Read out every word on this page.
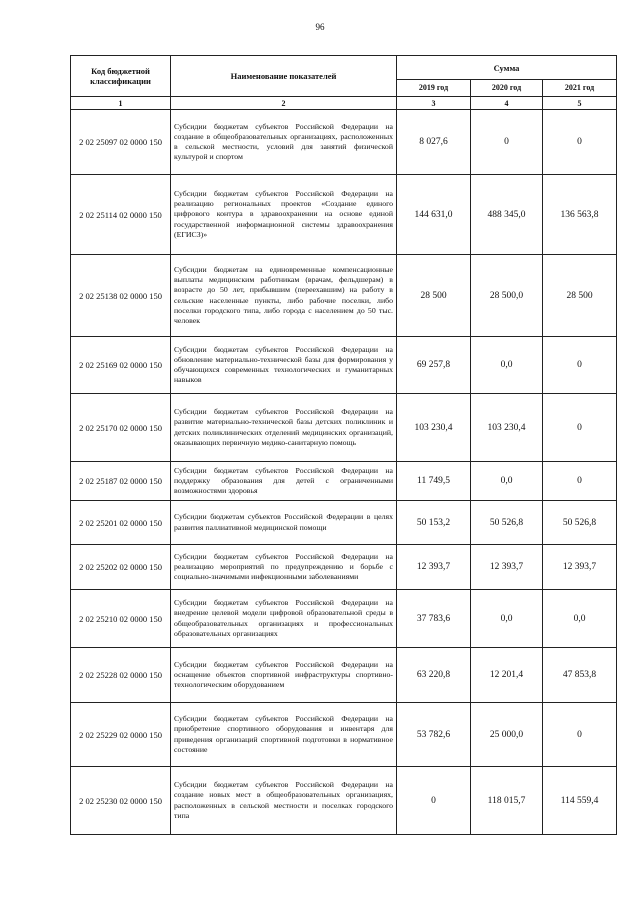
96
Код бюджетной классификации	Наименование показателей	Сумма		
		2019 год	2020 год	2021 год
1	2	3	4	5
2 02 25097 02 0000 150	Субсидии бюджетам субъектов Российской Федерации на создание в общеобразовательных организациях, расположенных в сельской местности, условий для занятий физической культурой и спортом	8 027,6	0	0
2 02 25114 02 0000 150	Субсидии бюджетам субъектов Российской Федерации на реализацию региональных проектов «Создание единого цифрового контура в здравоохранении на основе единой государственной информационной системы здравоохранения (ЕГИСЗ)»	144 631,0	488 345,0	136 563,8
2 02 25138 02 0000 150	Субсидии бюджетам на единовременные компенсационные выплаты медицинским работникам (врачам, фельдшерам) в возрасте до 50 лет, прибывшим (переехавшим) на работу в сельские населенные пункты, либо рабочие поселки, либо поселки городского типа, либо города с населением до 50 тыс. человек	28 500	28 500,0	28 500
2 02 25169 02 0000 150	Субсидии бюджетам субъектов Российской Федерации на обновление материально-технической базы для формирования у обучающихся современных технологических и гуманитарных навыков	69 257,8	0,0	0
2 02 25170 02 0000 150	Субсидии бюджетам субъектов Российской Федерации на развитие материально-технической базы детских поликлиник и детских поликлинических отделений медицинских организаций, оказывающих первичную медико-санитарную помощь	103 230,4	103 230,4	0
2 02 25187 02 0000 150	Субсидии бюджетам субъектов Российской Федерации на поддержку образования для детей с ограниченными возможностями здоровья	11 749,5	0,0	0
2 02 25201 02 0000 150	Субсидии бюджетам субъектов Российской Федерации в целях развития паллиативной медицинской помощи	50 153,2	50 526,8	50 526,8
2 02 25202 02 0000 150	Субсидии бюджетам субъектов Российской Федерации на реализацию мероприятий по предупреждению и борьбе с социально-значимыми инфекционными заболеваниями	12 393,7	12 393,7	12 393,7
2 02 25210 02 0000 150	Субсидии бюджетам субъектов Российской Федерации на внедрение целевой модели цифровой образовательной среды в общеобразовательных организациях и профессиональных образовательных организациях	37 783,6	0,0	0,0
2 02 25228 02 0000 150	Субсидии бюджетам субъектов Российской Федерации на оснащение объектов спортивной инфраструктуры спортивно-технологическим оборудованием	63 220,8	12 201,4	47 853,8
2 02 25229 02 0000 150	Субсидии бюджетам субъектов Российской Федерации на приобретение спортивного оборудования и инвентаря для приведения организаций спортивной подготовки в нормативное состояние	53 782,6	25 000,0	0
2 02 25230 02 0000 150	Субсидии бюджетам субъектов Российской Федерации на создание новых мест в общеобразовательных организациях, расположенных в сельской местности и поселках городского типа	0	118 015,7	114 559,4
